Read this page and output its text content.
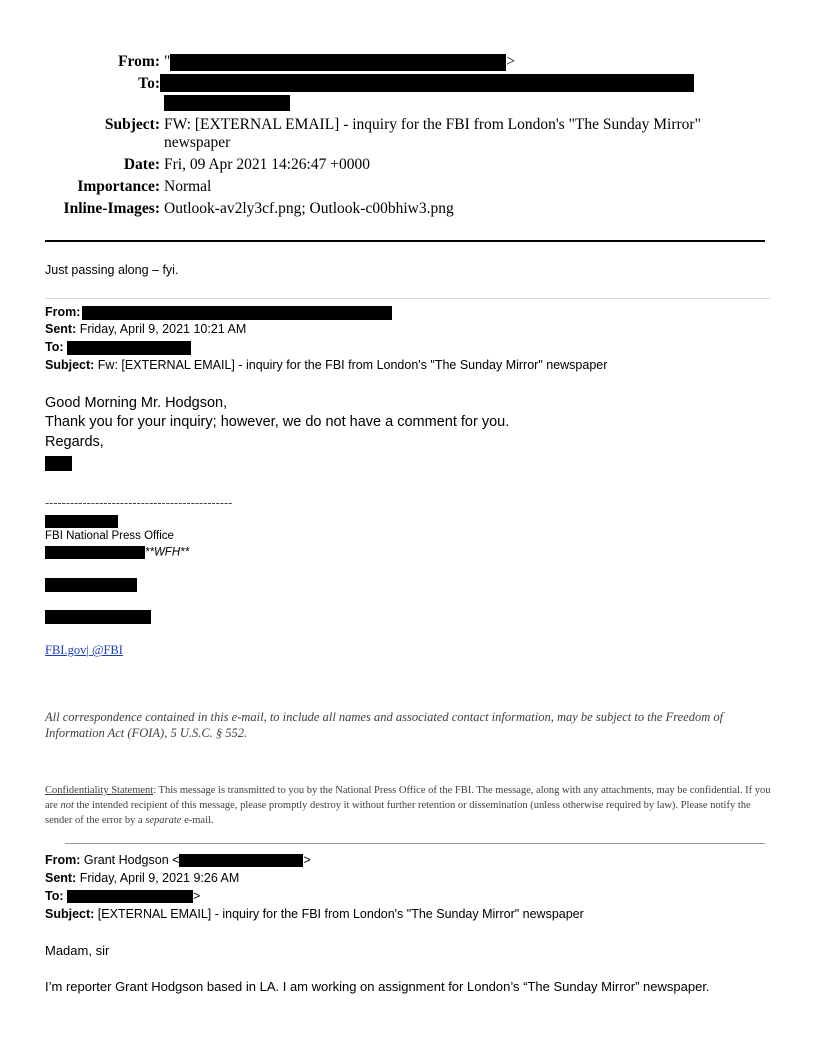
From: "	>
To:
Subject: FW: [EXTERNAL EMAIL] - inquiry for the FBI from London's "The Sunday Mirror"
newspaper
Date: Fri, 09 Apr 2021 14:26:47 +0000
Importance: Normal
Inline-Images: Outlook-av2ly3cf.png; Outlook-c00bhiw3.png
Just passing along – fyi.
From:
Sent: Friday, April 9, 2021 10:21 AM
To:
Subject: Fw: [EXTERNAL EMAIL] - inquiry for the FBI from London's "The Sunday Mirror" newspaper
Good Morning Mr. Hodgson,
Thank you for your inquiry; however, we do not have a comment for you.
Regards,
---------------------------------------------
FBI National Press Office
**WFH**
FBI.gov| @FBI
All correspondence contained in this e-mail, to include all names and associated contact information, may be subject to the Freedom of Information Act (FOIA), 5 U.S.C. § 552.
Confidentiality Statement: This message is transmitted to you by the National Press Office of the FBI. The message, along with any attachments, may be confidential. If you are not the intended recipient of this message, please promptly destroy it without further retention or dissemination (unless otherwise required by law). Please notify the sender of the error by a separate e-mail.
From: Grant Hodgson <	>
Sent: Friday, April 9, 2021 9:26 AM
To:	>
Subject: [EXTERNAL EMAIL] - inquiry for the FBI from London's "The Sunday Mirror" newspaper
Madam, sir
I’m reporter Grant Hodgson based in LA. I am working on assignment for London’s “The Sunday Mirror” newspaper.
